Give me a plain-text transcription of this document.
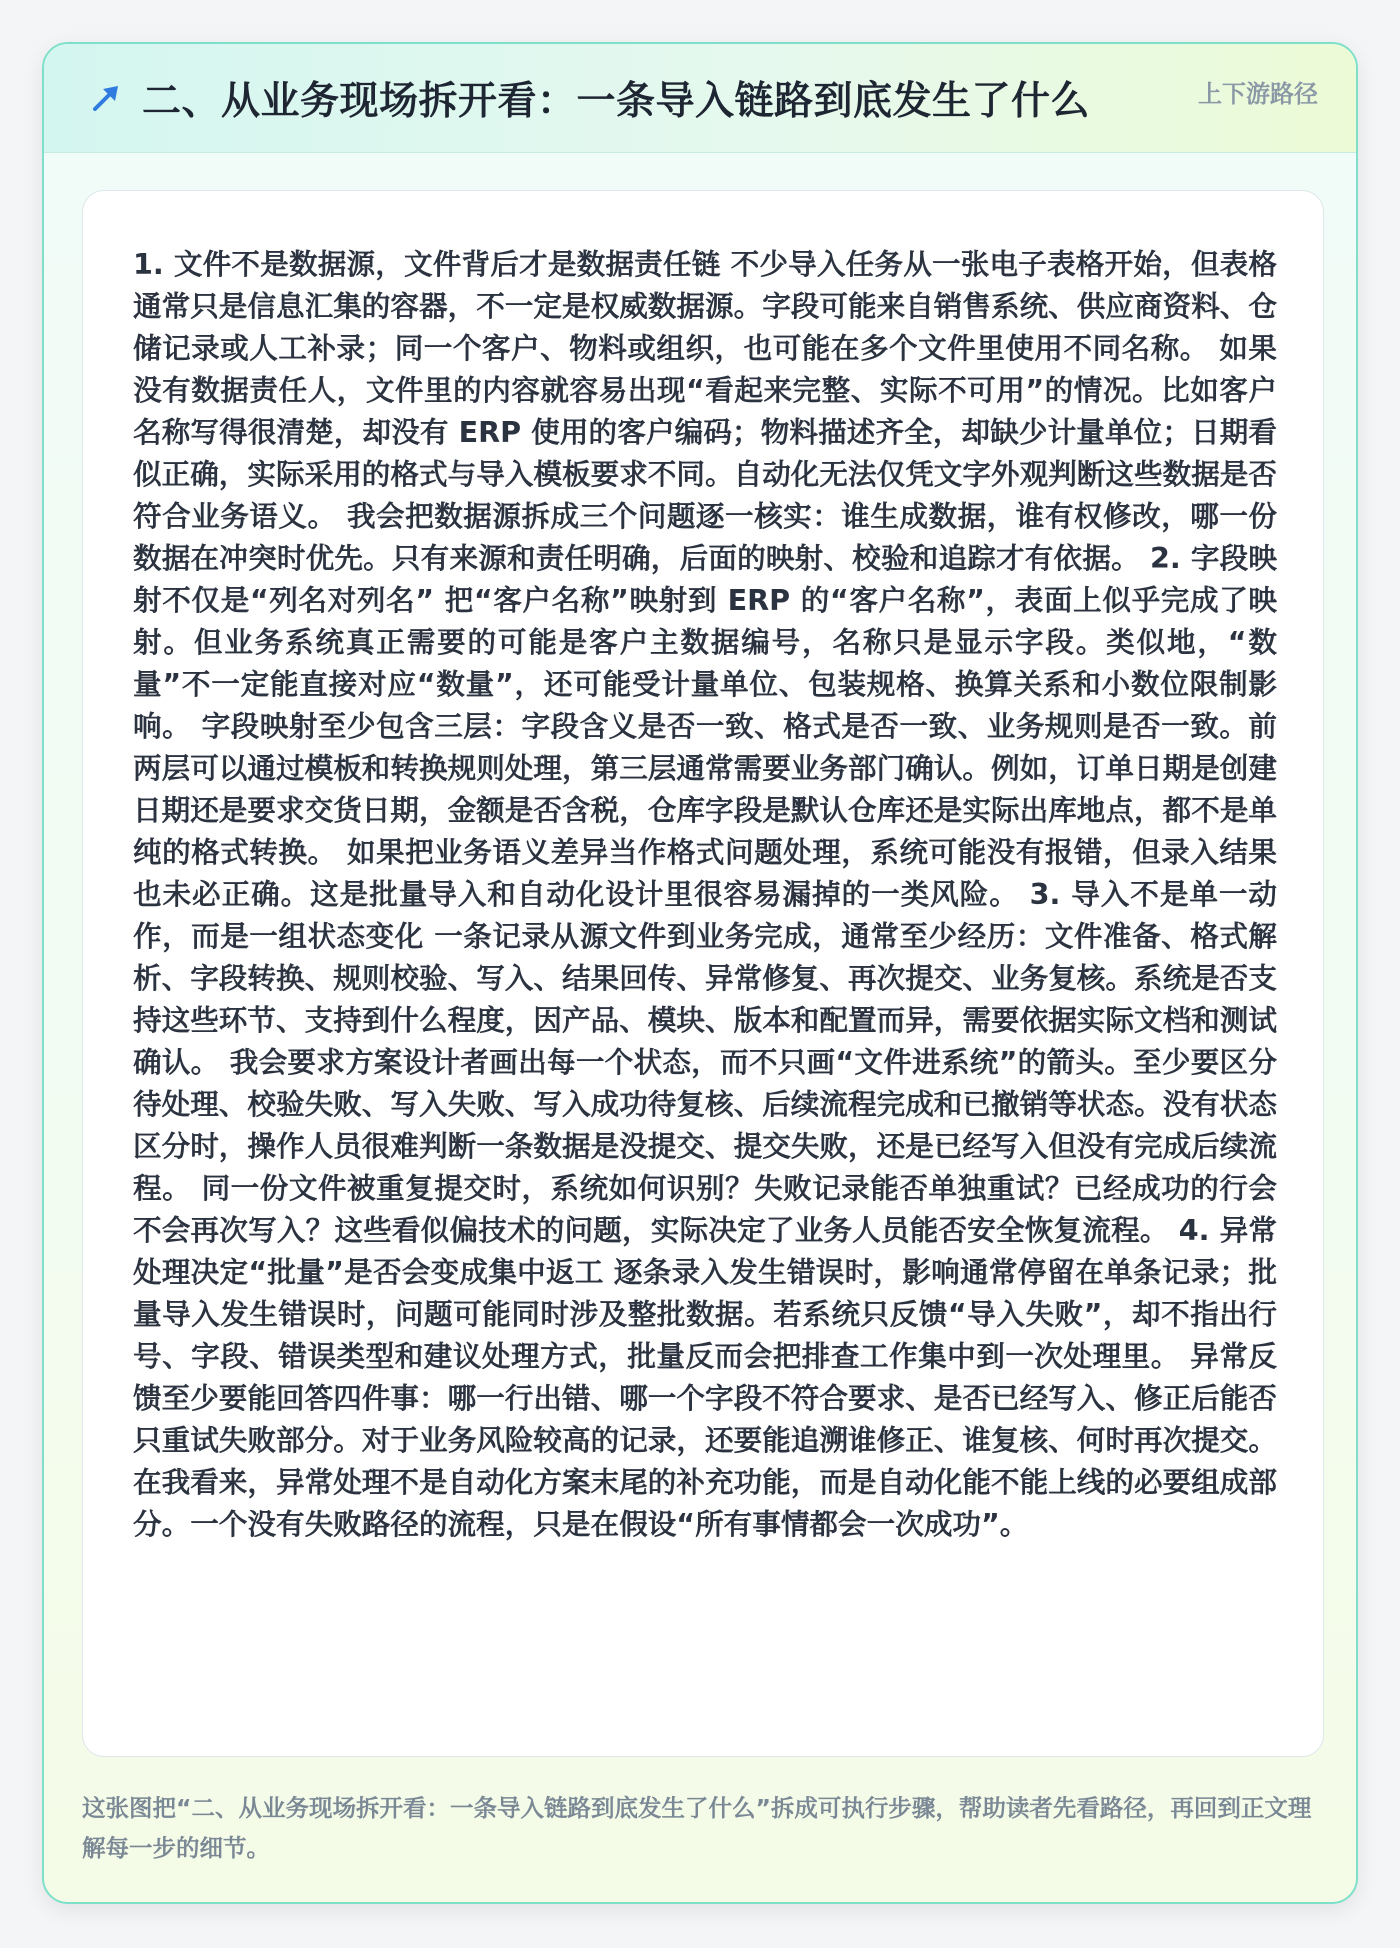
二、从业务现场拆开看：一条导入链路到底发生了什么	上下游路径

1. 文件不是数据源，文件背后才是数据责任链 不少导入任务从一张电子表格开始，但表格通常只是信息汇集的容器，不一定是权威数据源。字段可能来自销售系统、供应商资料、仓储记录或人工补录；同一个客户、物料或组织，也可能在多个文件里使用不同名称。 如果没有数据责任人，文件里的内容就容易出现“看起来完整、实际不可用”的情况。比如客户名称写得很清楚，却没有 ERP 使用的客户编码；物料描述齐全，却缺少计量单位；日期看似正确，实际采用的格式与导入模板要求不同。自动化无法仅凭文字外观判断这些数据是否符合业务语义。 我会把数据源拆成三个问题逐一核实：谁生成数据，谁有权修改，哪一份数据在冲突时优先。只有来源和责任明确，后面的映射、校验和追踪才有依据。 2. 字段映射不仅是“列名对列名” 把“客户名称”映射到 ERP 的“客户名称”，表面上似乎完成了映射。但业务系统真正需要的可能是客户主数据编号，名称只是显示字段。类似地，“数量”不一定能直接对应“数量”，还可能受计量单位、包装规格、换算关系和小数位限制影响。 字段映射至少包含三层：字段含义是否一致、格式是否一致、业务规则是否一致。前两层可以通过模板和转换规则处理，第三层通常需要业务部门确认。例如，订单日期是创建日期还是要求交货日期，金额是否含税，仓库字段是默认仓库还是实际出库地点，都不是单纯的格式转换。 如果把业务语义差异当作格式问题处理，系统可能没有报错，但录入结果也未必正确。这是批量导入和自动化设计里很容易漏掉的一类风险。 3. 导入不是单一动作，而是一组状态变化 一条记录从源文件到业务完成，通常至少经历：文件准备、格式解析、字段转换、规则校验、写入、结果回传、异常修复、再次提交、业务复核。系统是否支持这些环节、支持到什么程度，因产品、模块、版本和配置而异，需要依据实际文档和测试确认。 我会要求方案设计者画出每一个状态，而不只画“文件进系统”的箭头。至少要区分待处理、校验失败、写入失败、写入成功待复核、后续流程完成和已撤销等状态。没有状态区分时，操作人员很难判断一条数据是没提交、提交失败，还是已经写入但没有完成后续流程。 同一份文件被重复提交时，系统如何识别？失败记录能否单独重试？已经成功的行会不会再次写入？这些看似偏技术的问题，实际决定了业务人员能否安全恢复流程。 4. 异常处理决定“批量”是否会变成集中返工 逐条录入发生错误时，影响通常停留在单条记录；批量导入发生错误时，问题可能同时涉及整批数据。若系统只反馈“导入失败”，却不指出行号、字段、错误类型和建议处理方式，批量反而会把排查工作集中到一次处理里。 异常反馈至少要能回答四件事：哪一行出错、哪一个字段不符合要求、是否已经写入、修正后能否只重试失败部分。对于业务风险较高的记录，还要能追溯谁修正、谁复核、何时再次提交。 在我看来，异常处理不是自动化方案末尾的补充功能，而是自动化能不能上线的必要组成部分。一个没有失败路径的流程，只是在假设“所有事情都会一次成功”。

这张图把“二、从业务现场拆开看：一条导入链路到底发生了什么”拆成可执行步骤，帮助读者先看路径，再回到正文理解每一步的细节。
